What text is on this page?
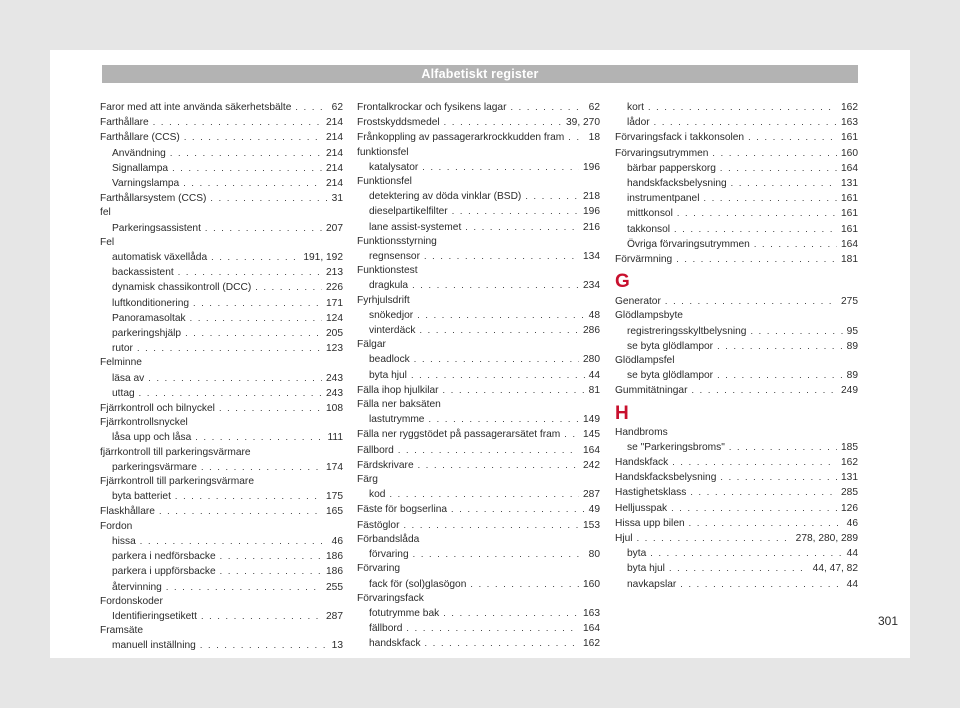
Alfabetiskt register
Faror med att inte använda säkerhetsbälte . . .	62
Farthållare . . .	214
Farthållare (CCS) . . .	214
Användning . . .	214
Signallampa . . .	214
Varningslampa . . .	214
Farthållarsystem (CCS) . . .	31
fel
Parkeringsassistent . . .	207
Fel
automatisk växellåda . . .	191, 192
backassistent . . .	213
dynamisk chassikontroll (DCC) . . .	226
luftkonditionering . . .	171
Panoramasoltak . . .	124
parkeringshjälp . . .	205
rutor . . .	123
Felminne
läsa av . . .	243
uttag . . .	243
Fjärrkontroll och bilnyckel . . .	108
Fjärrkontrollsnyckel
låsa upp och låsa . . .	111
fjärrkontroll till parkeringsvärmare
parkeringsvärmare . . .	174
Fjärrkontroll till parkeringsvärmare
byta batteriet . . .	175
Flaskhållare . . .	165
Fordon
hissa . . .	46
parkera i nedförsbacke . . .	186
parkera i uppförsbacke . . .	186
återvinning . . .	255
Fordonskoder
Identifieringsetikett . . .	287
Framsäte
manuell inställning . . .	13
Frontalkrockar och fysikens lagar . . .	62
Frostskyddsmedel . . .	39, 270
Frånkoppling av passagerarkrockkudden fram . . . 18
funktionsfel
katalysator . . .	196
Funktionsfel
detektering av döda vinklar (BSD) . . .	218
dieselpartikelfilter . . .	196
lane assist-systemet . . .	216
Funktionsstyrning
regnsensor . . .	134
Funktionstest
dragkula . . .	234
Fyrhjulsdrift
snökedjor . . .	48
vinterdäck . . .	286
Fälgar
beadlock . . .	280
byta hjul . . .	44
Fälla ihop hjulkilar . . .	81
Fälla ner baksäten
lastutrymme . . .	149
Fälla ner ryggstödet på passagerarsätet fram . . . 145
Fällbord . . .	164
Färdskrivare . . .	242
Färg
kod . . .	287
Fäste för bogserlina . . .	49
Fästöglor . . .	153
Förbandslåda
förvaring . . .	80
Förvaring
fack för (sol)glasögon . . .	160
Förvaringsfack
fotutrymme bak . . .	163
fällbord . . .	164
handskfack . . .	162
kort . . .	162
lådor . . .	163
Förvaringsfack i takkonsolen . . .	161
Förvaringsutrymmen . . .	160
bärbar papperskorg . . .	164
handskfacksbelysning . . .	131
instrumentpanel . . .	161
mittkonsol . . .	161
takkonsol . . .	161
Övriga förvaringsutrymmen . . .	164
Förvärmning . . .	181
G
Generator . . .	275
Glödlampsbyte
registreringsskyltbelysning . . .	95
se byta glödlampor . . .	89
Glödlampsfel
se byta glödlampor . . .	89
Gummitätningar . . .	249
H
Handbroms
se "Parkeringsbroms" . . .	185
Handskfack . . .	162
Handskfacksbelysning . . .	131
Hastighetsklass . . .	285
Helljusspak . . .	126
Hissa upp bilen . . .	46
Hjul . . .	278, 280, 289
byta . . .	44
byta hjul . . .	44, 47, 82
navkapslar . . .	44
301
